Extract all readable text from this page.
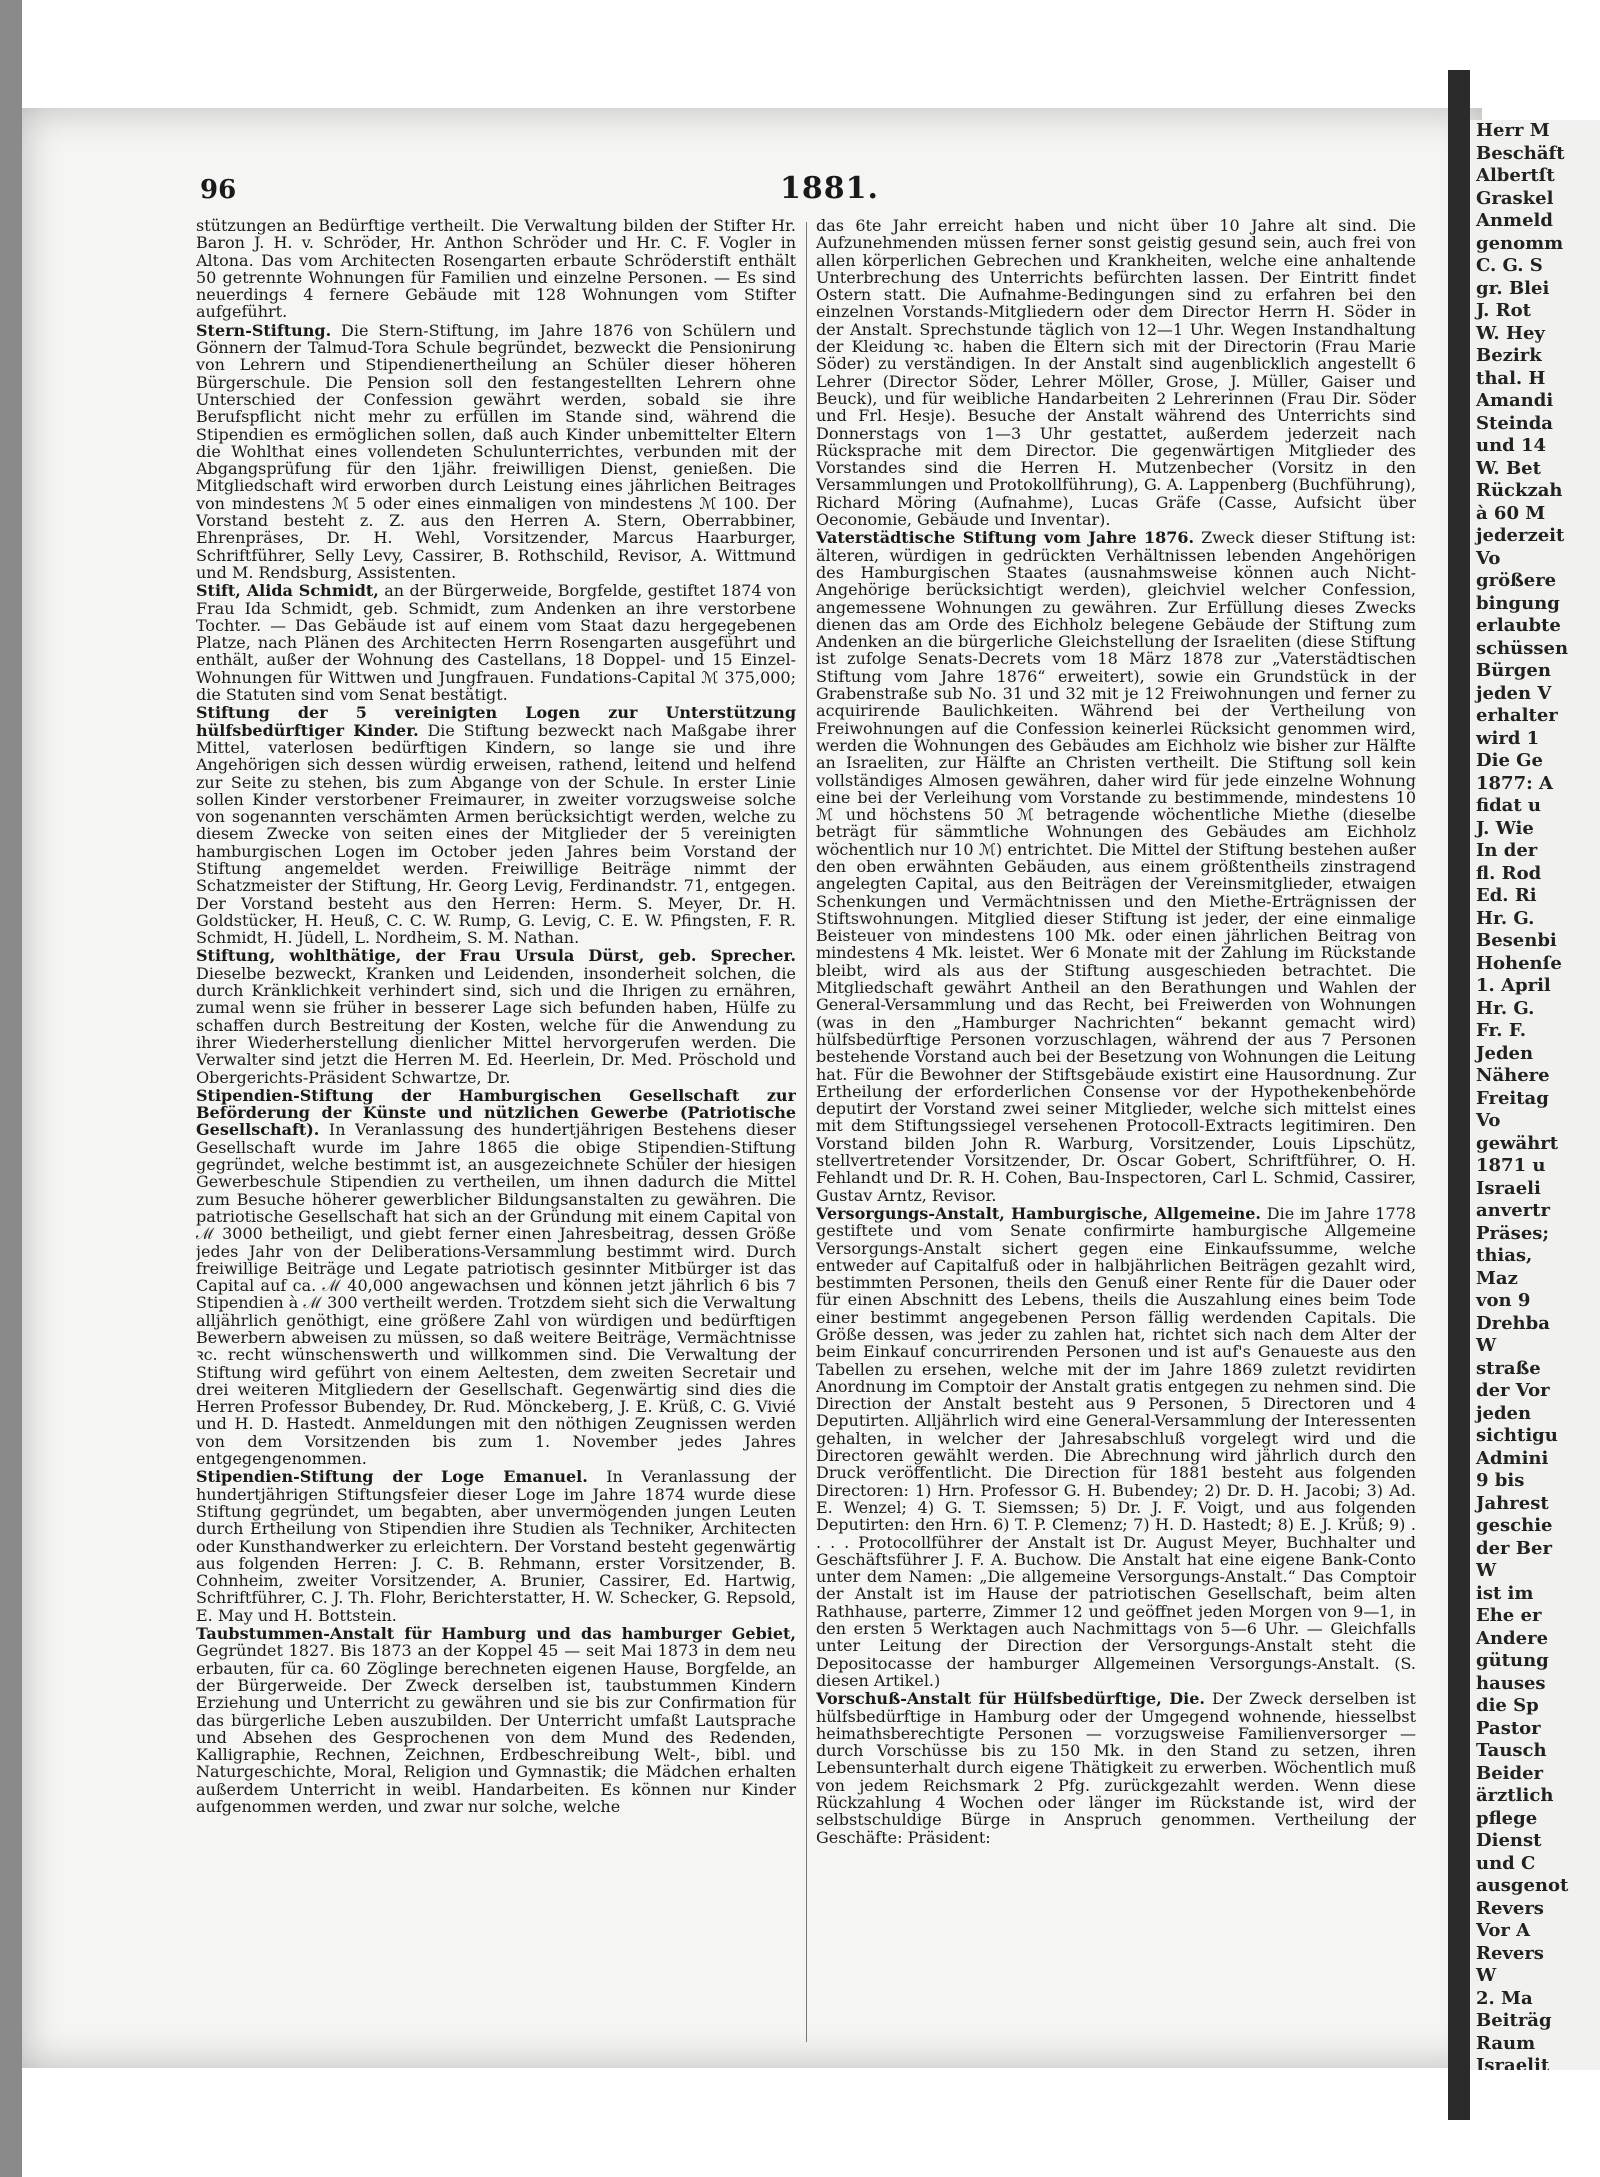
Herr M
Beschäft
Albertſt
Graskel
Anmeld
genomm
C. G. S
gr. Blei
J. Rot
W. Hey
Bezirk
thal. H
Amandi
Steinda
und 14
W. Bet
Rückzah
à 60 M
jederzeit
Vo
größere
bingung
erlaubte
schüssen
Bürgen
jeden V
erhalter
wird 1
Die Ge
1877: A
fidat u
J. Wie
In der
fl. Rod
Ed. Ri
Hr. G.
Besenbi
Hohenſe
1. April
Hr. G.
Fr. F.
Jeden
Nähere
Freitag
Vo
gewährt
1871 u
Israeli
anvertr
Präses;
thias,
Maz
von 9
Drehba
W
straße
der Vor
jeden
sichtigu
Admini
9 bis
Jahrest
geschie
der Ber
W
ist im
Ehe er
Andere
gütung
hauses
die Sp
Pastor
Tausch
Beider
ärztlich
pflege
Dienst
und C
ausgenot
Revers
Vor A
Revers
W
2. Ma
Beiträg
Raum
Israelit
96	1881.

stützungen an Bedürftige vertheilt. Die Verwaltung bilden der Stifter Hr. Baron J. H. v. Schröder, Hr. Anthon Schröder und Hr. C. F. Vogler in Altona. Das vom Architecten Rosengarten erbaute Schröderstift enthält 50 getrennte Wohnungen für Familien und einzelne Personen. — Es sind neuerdings 4 fernere Gebäude mit 128 Wohnungen vom Stifter aufgeführt.

Stern-Stiftung. Die Stern-Stiftung, im Jahre 1876 von Schülern und Gönnern der Talmud-Tora Schule begründet, bezweckt die Pensionirung von Lehrern und Stipendienertheilung an Schüler dieser höheren Bürgerschule. Die Pension soll den festangestellten Lehrern ohne Unterschied der Confession gewährt werden, sobald sie ihre Berufspflicht nicht mehr zu erfüllen im Stande sind, während die Stipendien es ermöglichen sollen, daß auch Kinder unbemittelter Eltern die Wohlthat eines vollendeten Schulunterrichtes, verbunden mit der Abgangsprüfung für den 1jähr. freiwilligen Dienst, genießen. Die Mitgliedschaft wird erworben durch Leistung eines jährlichen Beitrages von mindestens ℳ 5 oder eines einmaligen von mindestens ℳ 100. Der Vorstand besteht z. Z. aus den Herren A. Stern, Oberrabbiner, Ehrenpräses, Dr. H. Wehl, Vorsitzender, Marcus Haarburger, Schriftführer, Selly Levy, Cassirer, B. Rothschild, Revisor, A. Wittmund und M. Rendsburg, Assistenten.

Stift, Alida Schmidt, an der Bürgerweide, Borgfelde, gestiftet 1874 von Frau Ida Schmidt, geb. Schmidt, zum Andenken an ihre verstorbene Tochter. — Das Gebäude ist auf einem vom Staat dazu hergegebenen Platze, nach Plänen des Architecten Herrn Rosengarten ausgeführt und enthält, außer der Wohnung des Castellans, 18 Doppel- und 15 Einzel-Wohnungen für Wittwen und Jungfrauen. Fundations-Capital ℳ 375,000; die Statuten sind vom Senat bestätigt.

Stiftung der 5 vereinigten Logen zur Unterstützung hülfsbedürftiger Kinder. Die Stiftung bezweckt nach Maßgabe ihrer Mittel, vaterlosen bedürftigen Kindern, so lange sie und ihre Angehörigen sich dessen würdig erweisen, rathend, leitend und helfend zur Seite zu stehen, bis zum Abgange von der Schule. In erster Linie sollen Kinder verstorbener Freimaurer, in zweiter vorzugsweise solche von sogenannten verschämten Armen berücksichtigt werden, welche zu diesem Zwecke von seiten eines der Mitglieder der 5 vereinigten hamburgischen Logen im October jeden Jahres beim Vorstand der Stiftung angemeldet werden. Freiwillige Beiträge nimmt der Schatzmeister der Stiftung, Hr. Georg Levig, Ferdinandstr. 71, entgegen. Der Vorstand besteht aus den Herren: Herm. S. Meyer, Dr. H. Goldstücker, H. Heuß, C. C. W. Rump, G. Levig, C. E. W. Pfingsten, F. R. Schmidt, H. Jüdell, L. Nordheim, S. M. Nathan.

Stiftung, wohlthätige, der Frau Ursula Dürst, geb. Sprecher. Dieselbe bezweckt, Kranken und Leidenden, insonderheit solchen, die durch Kränklichkeit verhindert sind, sich und die Ihrigen zu ernähren, zumal wenn sie früher in besserer Lage sich befunden haben, Hülfe zu schaffen durch Bestreitung der Kosten, welche für die Anwendung zu ihrer Wiederherstellung dienlicher Mittel hervorgerufen werden. Die Verwalter sind jetzt die Herren M. Ed. Heerlein, Dr. Med. Pröschold und Obergerichts-Präsident Schwartze, Dr.

Stipendien-Stiftung der Hamburgischen Gesellschaft zur Beförderung der Künste und nützlichen Gewerbe (Patriotische Gesellschaft). In Veranlassung des hundertjährigen Bestehens dieser Gesellschaft wurde im Jahre 1865 die obige Stipendien-Stiftung gegründet, welche bestimmt ist, an ausgezeichnete Schüler der hiesigen Gewerbeschule Stipendien zu vertheilen, um ihnen dadurch die Mittel zum Besuche höherer gewerblicher Bildungsanstalten zu gewähren. Die patriotische Gesellschaft hat sich an der Gründung mit einem Capital von ℳ 3000 betheiligt, und giebt ferner einen Jahresbeitrag, dessen Größe jedes Jahr von der Deliberations-Versammlung bestimmt wird. Durch freiwillige Beiträge und Legate patriotisch gesinnter Mitbürger ist das Capital auf ca. ℳ 40,000 angewachsen und können jetzt jährlich 6 bis 7 Stipendien à ℳ 300 vertheilt werden. Trotzdem sieht sich die Verwaltung alljährlich genöthigt, eine größere Zahl von würdigen und bedürftigen Bewerbern abweisen zu müssen, so daß weitere Beiträge, Vermächtnisse ꝛc. recht wünschenswerth und willkommen sind. Die Verwaltung der Stiftung wird geführt von einem Aeltesten, dem zweiten Secretair und drei weiteren Mitgliedern der Gesellschaft. Gegenwärtig sind dies die Herren Professor Bubendey, Dr. Rud. Mönckeberg, J. E. Krüß, C. G. Vivié und H. D. Hastedt. Anmeldungen mit den nöthigen Zeugnissen werden von dem Vorsitzenden bis zum 1. November jedes Jahres entgegengenommen.

Stipendien-Stiftung der Loge Emanuel. In Veranlassung der hundertjährigen Stiftungsfeier dieser Loge im Jahre 1874 wurde diese Stiftung gegründet, um begabten, aber unvermögenden jungen Leuten durch Ertheilung von Stipendien ihre Studien als Techniker, Architecten oder Kunsthandwerker zu erleichtern. Der Vorstand besteht gegenwärtig aus folgenden Herren: J. C. B. Rehmann, erster Vorsitzender, B. Cohnheim, zweiter Vorsitzender, A. Brunier, Cassirer, Ed. Hartwig, Schriftführer, C. J. Th. Flohr, Berichterstatter, H. W. Schecker, G. Repsold, E. May und H. Bottstein.

Taubstummen-Anstalt für Hamburg und das hamburger Gebiet, Gegründet 1827. Bis 1873 an der Koppel 45 — seit Mai 1873 in dem neu erbauten, für ca. 60 Zöglinge berechneten eigenen Hause, Borgfelde, an der Bürgerweide. Der Zweck derselben ist, taubstummen Kindern Erziehung und Unterricht zu gewähren und sie bis zur Confirmation für das bürgerliche Leben auszubilden. Der Unterricht umfaßt Lautsprache und Absehen des Gesprochenen von dem Mund des Redenden, Kalligraphie, Rechnen, Zeichnen, Erdbeschreibung Welt-, bibl. und Naturgeschichte, Moral, Religion und Gymnastik; die Mädchen erhalten außerdem Unterricht in weibl. Handarbeiten. Es können nur Kinder aufgenommen werden, und zwar nur solche, welche

das 6te Jahr erreicht haben und nicht über 10 Jahre alt sind. Die Aufzunehmenden müssen ferner sonst geistig gesund sein, auch frei von allen körperlichen Gebrechen und Krankheiten, welche eine anhaltende Unterbrechung des Unterrichts befürchten lassen. Der Eintritt findet Ostern statt. Die Aufnahme-Bedingungen sind zu erfahren bei den einzelnen Vorstands-Mitgliedern oder dem Director Herrn H. Söder in der Anstalt. Sprechstunde täglich von 12—1 Uhr. Wegen Instandhaltung der Kleidung ꝛc. haben die Eltern sich mit der Directorin (Frau Marie Söder) zu verständigen. In der Anstalt sind augenblicklich angestellt 6 Lehrer (Director Söder, Lehrer Möller, Grose, J. Müller, Gaiser und Beuck), und für weibliche Handarbeiten 2 Lehrerinnen (Frau Dir. Söder und Frl. Hesje). Besuche der Anstalt während des Unterrichts sind Donnerstags von 1—3 Uhr gestattet, außerdem jederzeit nach Rücksprache mit dem Director. Die gegenwärtigen Mitglieder des Vorstandes sind die Herren H. Mutzenbecher (Vorsitz in den Versammlungen und Protokollführung), G. A. Lappenberg (Buchführung), Richard Möring (Aufnahme), Lucas Gräfe (Casse, Aufsicht über Oeconomie, Gebäude und Inventar).

Vaterstädtische Stiftung vom Jahre 1876. Zweck dieser Stiftung ist: älteren, würdigen in gedrückten Verhältnissen lebenden Angehörigen des Hamburgischen Staates (ausnahmsweise können auch Nicht-Angehörige berücksichtigt werden), gleichviel welcher Confession, angemessene Wohnungen zu gewähren. Zur Erfüllung dieses Zwecks dienen das am Orde des Eichholz belegene Gebäude der Stiftung zum Andenken an die bürgerliche Gleichstellung der Israeliten (diese Stiftung ist zufolge Senats-Decrets vom 18 März 1878 zur „Vaterstädtischen Stiftung vom Jahre 1876“ erweitert), sowie ein Grundstück in der Grabenstraße sub No. 31 und 32 mit je 12 Freiwohnungen und ferner zu acquirirende Baulichkeiten. Während bei der Vertheilung von Freiwohnungen auf die Confession keinerlei Rücksicht genommen wird, werden die Wohnungen des Gebäudes am Eichholz wie bisher zur Hälfte an Israeliten, zur Hälfte an Christen vertheilt. Die Stiftung soll kein vollständiges Almosen gewähren, daher wird für jede einzelne Wohnung eine bei der Verleihung vom Vorstande zu bestimmende, mindestens 10 ℳ und höchstens 50 ℳ betragende wöchentliche Miethe (dieselbe beträgt für sämmtliche Wohnungen des Gebäudes am Eichholz wöchentlich nur 10 ℳ) entrichtet. Die Mittel der Stiftung bestehen außer den oben erwähnten Gebäuden, aus einem größtentheils zinstragend angelegten Capital, aus den Beiträgen der Vereinsmitglieder, etwaigen Schenkungen und Vermächtnissen und den Miethe-Erträgnissen der Stiftswohnungen. Mitglied dieser Stiftung ist jeder, der eine einmalige Beisteuer von mindestens 100 Mk. oder einen jährlichen Beitrag von mindestens 4 Mk. leistet. Wer 6 Monate mit der Zahlung im Rückstande bleibt, wird als aus der Stiftung ausgeschieden betrachtet. Die Mitgliedschaft gewährt Antheil an den Berathungen und Wahlen der General-Versammlung und das Recht, bei Freiwerden von Wohnungen (was in den „Hamburger Nachrichten“ bekannt gemacht wird) hülfsbedürftige Personen vorzuschlagen, während der aus 7 Personen bestehende Vorstand auch bei der Besetzung von Wohnungen die Leitung hat. Für die Bewohner der Stiftsgebäude existirt eine Hausordnung. Zur Ertheilung der erforderlichen Consense vor der Hypothekenbehörde deputirt der Vorstand zwei seiner Mitglieder, welche sich mittelst eines mit dem Stiftungssiegel versehenen Protocoll-Extracts legitimiren. Den Vorstand bilden John R. Warburg, Vorsitzender, Louis Lipschütz, stellvertretender Vorsitzender, Dr. Oscar Gobert, Schriftführer, O. H. Fehlandt und Dr. R. H. Cohen, Bau-Inspectoren, Carl L. Schmid, Cassirer, Gustav Arntz, Revisor.

Versorgungs-Anstalt, Hamburgische, Allgemeine. Die im Jahre 1778 gestiftete und vom Senate confirmirte hamburgische Allgemeine Versorgungs-Anstalt sichert gegen eine Einkaufssumme, welche entweder auf Capitalfuß oder in halbjährlichen Beiträgen gezahlt wird, bestimmten Personen, theils den Genuß einer Rente für die Dauer oder für einen Abschnitt des Lebens, theils die Auszahlung eines beim Tode einer bestimmt angegebenen Person fällig werdenden Capitals. Die Größe dessen, was jeder zu zahlen hat, richtet sich nach dem Alter der beim Einkauf concurrirenden Personen und ist auf's Genaueste aus den Tabellen zu ersehen, welche mit der im Jahre 1869 zuletzt revidirten Anordnung im Comptoir der Anstalt gratis entgegen zu nehmen sind. Die Direction der Anstalt besteht aus 9 Personen, 5 Directoren und 4 Deputirten. Alljährlich wird eine General-Versammlung der Interessenten gehalten, in welcher der Jahresabschluß vorgelegt wird und die Directoren gewählt werden. Die Abrechnung wird jährlich durch den Druck veröffentlicht. Die Direction für 1881 besteht aus folgenden Directoren: 1) Hrn. Professor G. H. Bubendey; 2) Dr. D. H. Jacobi; 3) Ad. E. Wenzel; 4) G. T. Siemssen; 5) Dr. J. F. Voigt, und aus folgenden Deputirten: den Hrn. 6) T. P. Clemenz; 7) H. D. Hastedt; 8) E. J. Krüß; 9) . . . . Protocollführer der Anstalt ist Dr. August Meyer, Buchhalter und Geschäftsführer J. F. A. Buchow. Die Anstalt hat eine eigene Bank-Conto unter dem Namen: „Die allgemeine Versorgungs-Anstalt.“ Das Comptoir der Anstalt ist im Hause der patriotischen Gesellschaft, beim alten Rathhause, parterre, Zimmer 12 und geöffnet jeden Morgen von 9—1, in den ersten 5 Werktagen auch Nachmittags von 5—6 Uhr. — Gleichfalls unter Leitung der Direction der Versorgungs-Anstalt steht die Depositocasse der hamburger Allgemeinen Versorgungs-Anstalt. (S. diesen Artikel.)

Vorschuß-Anstalt für Hülfsbedürftige, Die. Der Zweck derselben ist hülfsbedürftige in Hamburg oder der Umgegend wohnende, hiesselbst heimathsberechtigte Personen — vorzugsweise Familienversorger — durch Vorschüsse bis zu 150 Mk. in den Stand zu setzen, ihren Lebensunterhalt durch eigene Thätigkeit zu erwerben. Wöchentlich muß von jedem Reichsmark 2 Pfg. zurückgezahlt werden. Wenn diese Rückzahlung 4 Wochen oder länger im Rückstande ist, wird der selbstschuldige Bürge in Anspruch genommen. Vertheilung der Geschäfte: Präsident:
